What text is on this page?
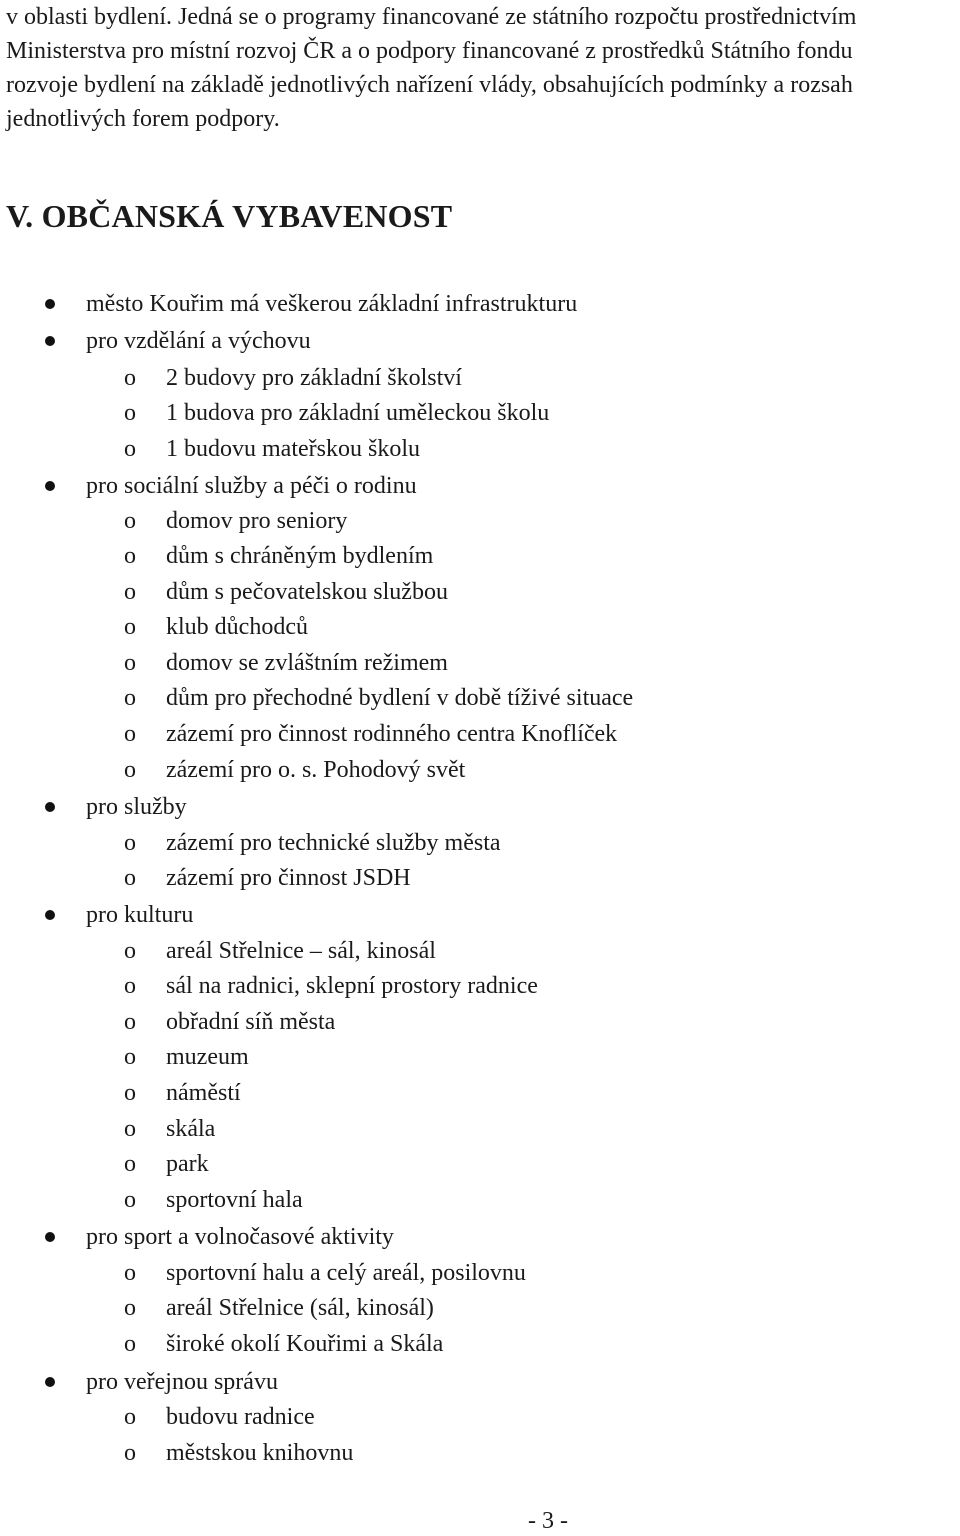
v oblasti bydlení. Jedná se o programy financované ze státního rozpočtu prostřednictvím
Ministerstva pro místní rozvoj ČR a o podpory financované z prostředků Státního fondu
rozvoje bydlení na základě jednotlivých nařízení vlády, obsahujících podmínky a rozsah
jednotlivých forem podpory.
V. OBČANSKÁ VYBAVENOST
město Kouřim má veškerou základní infrastrukturu
pro vzdělání a výchovu
o 2 budovy pro základní školství
o 1 budova pro základní uměleckou školu
o 1 budovu mateřskou školu
pro sociální služby a péči o rodinu
o domov pro seniory
o dům s chráněným bydlením
o dům s pečovatelskou službou
o klub důchodců
o domov se zvláštním režimem
o dům pro přechodné bydlení v době tíživé situace
o zázemí pro činnost rodinného centra Knoflíček
o zázemí pro o. s. Pohodový svět
pro služby
o zázemí pro technické služby města
o zázemí pro činnost JSDH
pro kulturu
o areál Střelnice – sál, kinosál
o sál na radnici, sklepní prostory radnice
o obřadní síň města
o muzeum
o náměstí
o skála
o park
o sportovní hala
pro sport a volnočasové aktivity
o sportovní halu a celý areál, posilovnu
o areál Střelnice (sál, kinosál)
o široké okolí Kouřimi a Skála
pro veřejnou správu
o budovu radnice
o městskou knihovnu
- 3 -
